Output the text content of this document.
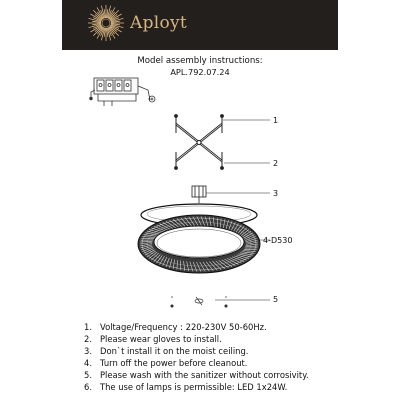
Aployt
Model assembly instructions:
APL.792.07.24
1
2
3
4-D530
5
1. Voltage/Frequency : 220-230V 50-60Hz.
2. Please wear gloves to install.
3. Don`t install it on the moist ceiling.
4. Turn off the power before cleanout.
5. Please wash with the sanitizer without corrosivity.
6. The use of lamps is permissible: LED 1x24W.
